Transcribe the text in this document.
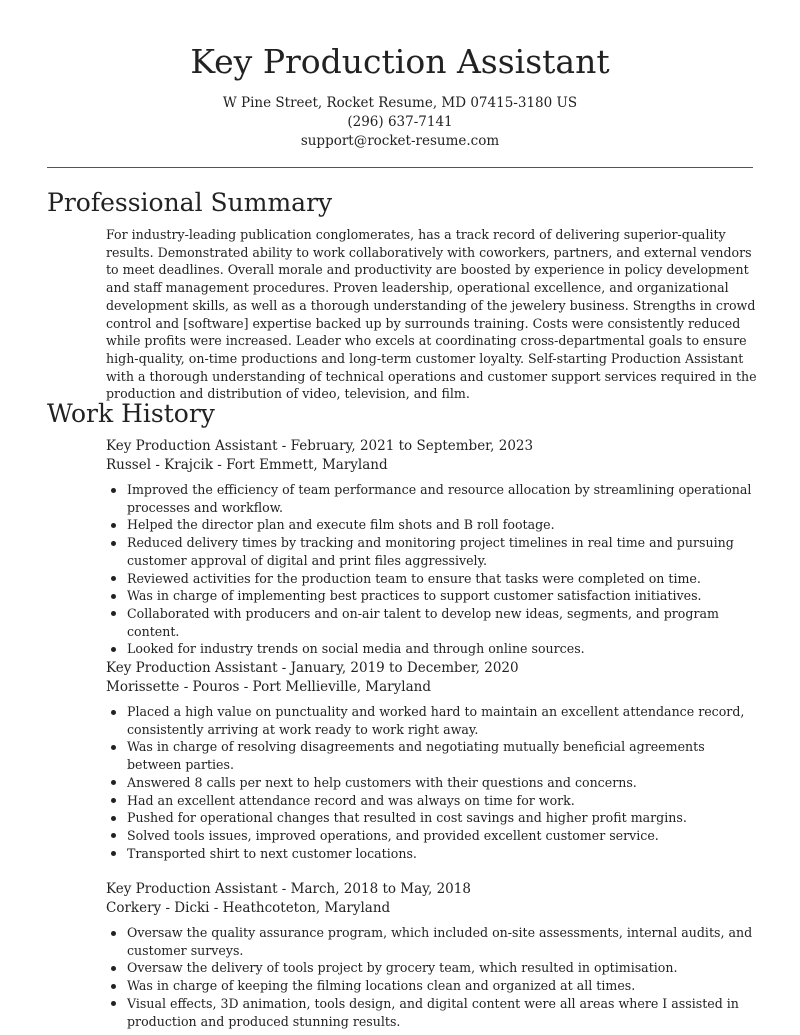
Key Production Assistant
W Pine Street, Rocket Resume, MD 07415-3180 US
(296) 637-7141
support@rocket-resume.com
Professional Summary

For industry-leading publication conglomerates, has a track record of delivering superior-quality results. Demonstrated ability to work collaboratively with coworkers, partners, and external vendors to meet deadlines. Overall morale and productivity are boosted by experience in policy development and staff management procedures. Proven leadership, operational excellence, and organizational development skills, as well as a thorough understanding of the jewelery business. Strengths in crowd control and [software] expertise backed up by surrounds training. Costs were consistently reduced while profits were increased. Leader who excels at coordinating cross-departmental goals to ensure high-quality, on-time productions and long-term customer loyalty. Self-starting Production Assistant with a thorough understanding of technical operations and customer support services required in the production and distribution of video, television, and film.

Work History
Key Production Assistant - February, 2021 to September, 2023
Russel - Krajcik - Fort Emmett, Maryland
Improved the efficiency of team performance and resource allocation by streamlining operational processes and workflow.
Helped the director plan and execute film shots and B roll footage.
Reduced delivery times by tracking and monitoring project timelines in real time and pursuing customer approval of digital and print files aggressively.
Reviewed activities for the production team to ensure that tasks were completed on time.
Was in charge of implementing best practices to support customer satisfaction initiatives.
Collaborated with producers and on-air talent to develop new ideas, segments, and program content.
Looked for industry trends on social media and through online sources.
Key Production Assistant - January, 2019 to December, 2020
Morissette - Pouros - Port Mellieville, Maryland
Placed a high value on punctuality and worked hard to maintain an excellent attendance record, consistently arriving at work ready to work right away.
Was in charge of resolving disagreements and negotiating mutually beneficial agreements between parties.
Answered 8 calls per next to help customers with their questions and concerns.
Had an excellent attendance record and was always on time for work.
Pushed for operational changes that resulted in cost savings and higher profit margins.
Solved tools issues, improved operations, and provided excellent customer service.
Transported shirt to next customer locations.
Key Production Assistant - March, 2018 to May, 2018
Corkery - Dicki - Heathcoteton, Maryland
Oversaw the quality assurance program, which included on-site assessments, internal audits, and customer surveys.
Oversaw the delivery of tools project by grocery team, which resulted in optimisation.
Was in charge of keeping the filming locations clean and organized at all times.
Visual effects, 3D animation, tools design, and digital content were all areas where I assisted in production and produced stunning results.
